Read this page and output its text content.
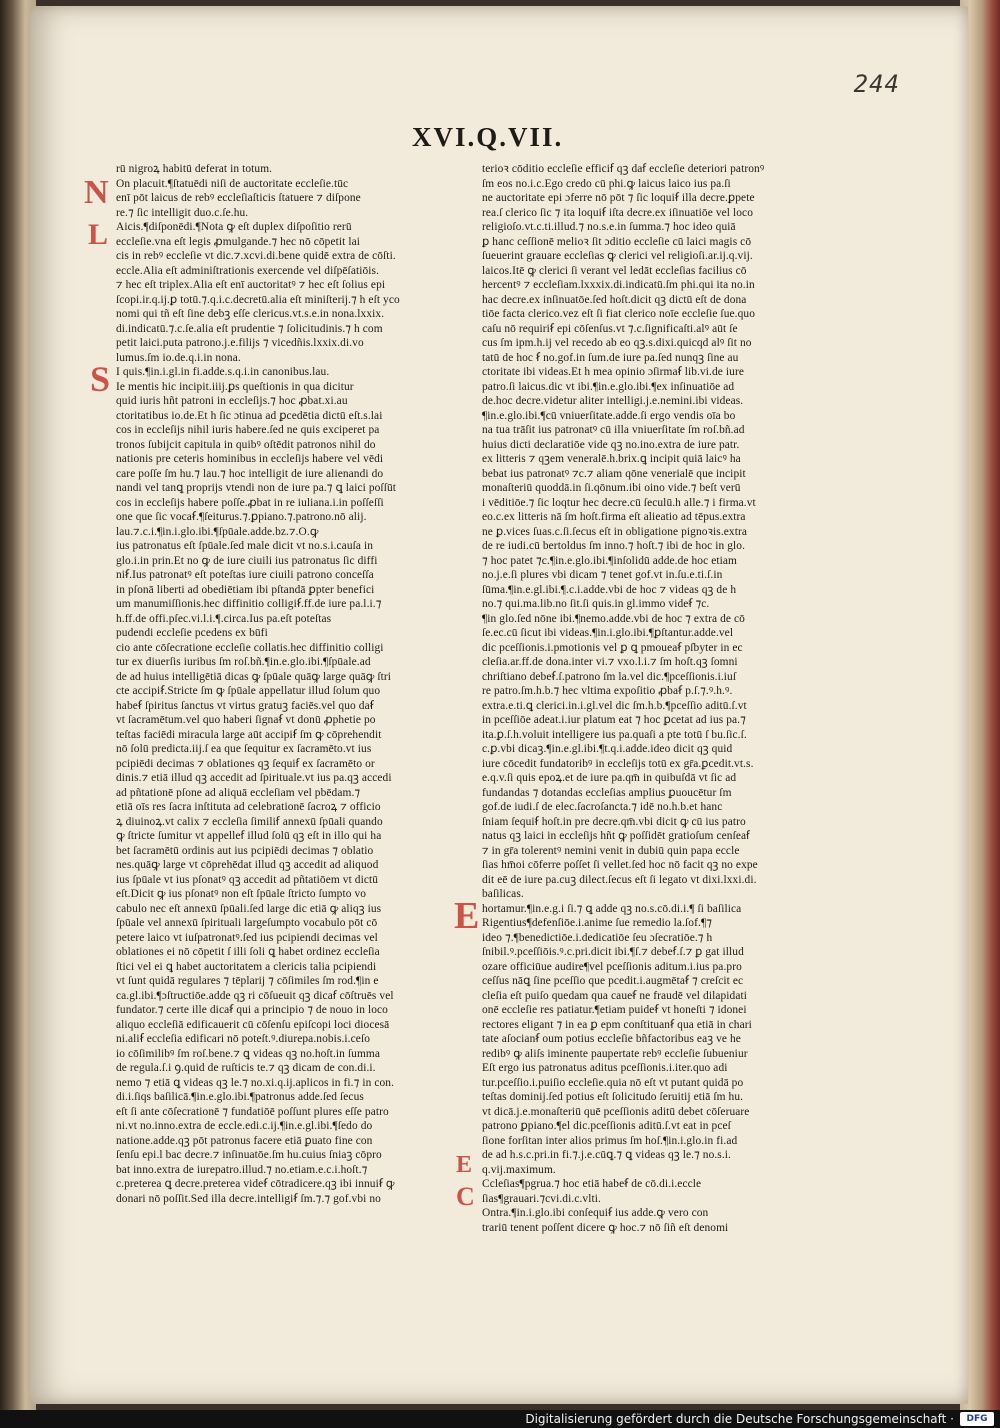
244
XVI.Q.VII.
rū nigroꝝ habitū deferat in totum.
On placuit.¶ſtatuēdi niſi de auctoritate eccleſie.tūc
enī pōt laicus de rebꝰ eccleſiaſticis ſtatuere ⁊ diſpone
re.⁊ ſic intelligit duo.c.ſe.hu.
Aicis.¶diſponēdi.¶Nota ꝙ eſt duplex diſpoſitio rerū
eccleſie.vna eſt legis ꝓmulgande.⁊ hec nō cōpetit lai
cis in rebꝰ eccleſie vt dic.⁊.xcvi.di.bene quidē extra de cōſti.
eccle.Alia eſt adminiſtrationis exercende vel diſpēſatiōis.
⁊ hec eſt triplex.Alia eſt enī auctoritatꝰ ⁊ hec eſt ſolius epi
ſcopi.ir.q.ij.ꝑ totū.⁊.q.i.c.decretū.alia eſt miniſterij.⁊ h eſt yco
nomi qui tñ eſt ſine debꝫ eſſe clericus.vt.s.e.in nona.lxxix.
di.indicatū.⁊.c.ſe.alia eſt prudentie ⁊ ſolicitudinis.⁊ h com
petit laici.puta patrono.j.e.filijs ⁊ vicedñis.lxxix.di.vo
lumus.ſm io.de.q.i.in nona.
I quis.¶in.i.gl.in fi.adde.s.q.i.in canonibus.lau.
Ie mentis hic incipit.iiij.ꝑs queſtionis in qua dicitur
quid iuris hñt patroni in eccleſijs.⁊ hoc ꝓbat.xi.au
ctoritatibus io.de.Et h ſic ɔtinua ad ꝑcedētia dictū eſt.s.lai
cos in eccleſijs nihil iuris habere.ſed ne quis exciperet pa
tronos ſubijcit capitula in quibꝰ oſtēdit patronos nihil do
nationis pre ceteris hominibus in eccleſijs habere vel vēdi
care poſſe ſm hu.⁊ lau.⁊ hoc intelligit de iure alienandi do
nandi vel tanꝗ proprijs vtendi non de iure pa.⁊ ꝗ laici poſſūt
cos in eccleſijs habere poſſe.ꝓbat in re iuliana.i.in poſſeſſi
one que ſic vocaẜ.¶ſeiturus.⁊.ꝑpiano.⁊.patrono.nō alij.
lau.⁊.c.i.¶in.i.glo.ibi.¶ſpūale.adde.bz.⁊.O.ꝙ
ius patronatus eſt ſpūale.ſed male dicit vt no.s.i.cauſa in
glo.i.in prin.Et no ꝙ de iure ciuili ius patronatus ſic diffi
niẜ.Ius patronatꝰ eſt poteſtas iure ciuili patrono conceſſa
in pſonā liberti ad obediētiam ibi pſtandā ꝑpter benefici
um manumiſſionis.hec diffinitio colligiẜ.ff.de iure pa.l.i.⁊
h.ff.de offi.pſec.vi.l.i.¶.circa.Ius pa.eſt poteſtas
pudendi eccleſie pcedens ex būfi
cio ante cōſecratione eccleſie collatis.hec diffinitio colligi
tur ex diuerſis iuribus ſm roſ.bñ.¶in.e.glo.ibi.¶ſpūale.ad
de ad huius intelligētiā dicas ꝙ ſpūale quāꝙ large quāꝙ ſtri
cte accipiẜ.Stricte ſm ꝙ ſpūale appellatur illud ſolum quo
habeẜ ſpiritus ſanctus vt virtus gratuꝫ faciēs.vel quo daẜ
vt ſacramētum.vel quo haberi ſignaẜ vt donū ꝓphetie po
teſtas faciēdi miracula large aūt accipiẜ ſm ꝙ cōprehendit
nō ſolū predicta.iij.ſ ea que ſequitur ex ſacramēto.vt ius
pcipiēdi decimas ⁊ oblationes qꝫ ſequiẜ ex ſacramēto or
dinis.⁊ etiā illud qꝫ accedit ad ſpirituale.vt ius pa.qꝫ accedi
ad pñtationē pſone ad aliquā eccleſiam vel pbēdam.⁊
etiā oīs res ſacra inſtituta ad celebrationē ſacroꝝ ⁊ officio
ꝝ diuinoꝝ.vt calix ⁊ eccleſia ſimiliẜ annexū ſpūali quando
ꝙ ſtricte ſumitur vt appelleẜ illud ſolū qꝫ eſt in illo qui ha
bet ſacramētū ordinis aut ius pcipiēdi decimas ⁊ oblatio
nes.quāꝙ large vt cōprehēdat illud qꝫ accedit ad aliquod
ius ſpūale vt ius pſonatꝰ qꝫ accedit ad pñtatiōem vt dictū
eſt.Dicit ꝙ ius pſonatꝰ non eſt ſpūale ſtricto ſumpto vo
cabulo nec eſt annexū ſpūali.ſed large dic etiā ꝙ aliqꝫ ius
ſpūale vel annexū ſpirituali largeſumpto vocabulo pōt cō
petere laico vt iuſpatronatꝰ.ſed ius pcipiendi decimas vel
oblationes ei nō cōpetit ſ illi ſoli ꝗ habet ordinez eccleſia
ſtici vel ei ꝗ habet auctoritatem a clericis talia pcipiendi
vt ſunt quidā regulares ⁊ tēplarij ⁊ cōſimiles ſm rod.¶in e
ca.gl.ibi.¶ɔſtructiōe.adde qꝫ ri cōſueuit qꝫ dicaẜ cōſtruēs vel
fundator.⁊ certe ille dicaẜ qui a principio ⁊ de nouo in loco
aliquo eccleſiā edificauerit cū cōſenſu epiſcopi loci diocesā
ni.aliẜ eccleſia edificari nō poteſt.ꝰ.diurepa.nobis.i.ceſo
io cōſimilibꝰ ſm roſ.bene.⁊ ꝗ videas qꝫ no.hoſt.in ſumma
de regula.ſ.i ꝯ.quid de ruſticis te.⁊ qꝫ dicam de con.di.i.
nemo ⁊ etiā ꝗ videas qꝫ le.⁊ no.xi.q.ij.aplicos in fi.⁊ in con.
di.i.ſiqs baſilicā.¶in.e.glo.ibi.¶patronus adde.ſed ſecus
eſt ſi ante cōſecrationē ⁊ fundatiōē poſſunt plures eſſe patro
ni.vt no.inno.extra de eccle.edi.c.ij.¶in.e.gl.ibi.¶ſedo do
natione.adde.qꝫ pōt patronus facere etiā ꝑuato fine con
ſenſu epi.l bac decre.⁊ inſinuatōe.ſm hu.cuius ſniaꝫ cōpro
bat inno.extra de iurepatro.illud.⁊ no.etiam.e.c.i.hoſt.⁊
c.preterea ꝗ decre.preterea videẜ cōtradicere.qꝫ ibi innuiẜ ꝙ
donari nō poſſit.Sed illa decre.intelligiẜ ſm.⁊.⁊ gof.vbi no
terioꝛ cōditio eccleſie efficiẜ qꝫ daẜ eccleſie deteriori patronꝰ
ſm eos no.i.c.Ego credo cū phi.ꝙ laicus laico ius pa.ſi
ne auctoritate epi ɔferre nō pōt ⁊ ſic loquiẜ illa decre.ꝑpete
rea.ſ clerico ſic ⁊ ita loquiẜ iſta decre.ex iſinuatiōe vel loco
religioſo.vt.c.ti.illud.⁊ no.s.e.in ſumma.⁊ hoc ideo quiā
ꝑ hanc ceſſionē melioꝛ ſit ɔditio eccleſie cū laici magis cō
ſueuerint grauare eccleſias ꝙ clerici vel religioſi.ar.ij.q.vij.
laicos.Itē ꝙ clerici ſi verant vel ledāt eccleſias facilius cō
hercentꝰ ⁊ eccleſiam.lxxxix.di.indicatū.ſm phi.qui ita no.in
hac decre.ex inſinuatōe.ſed hoſt.dicit qꝫ dictū eſt de dona
tiōe facta clerico.vez eſt ſi fiat clerico noīe eccleſie ſue.quo
caſu nō requiriẜ epi cōſenſus.vt ⁊.c.ſignificaſti.alꝰ aūt ſe
cus ſm ipm.h.ij vel recedo ab eo qꝫ.s.dixi.quicqd alꝰ ſit no
tatū de hoc ẜ no.gof.in ſum.de iure pa.ſed nunqꝫ ſine au
ctoritate ibi videas.Et h mea opinio ɔſirmaẜ lib.vi.de iure
patro.ſi laicus.dic vt ibi.¶in.e.glo.ibi.¶ex inſinuatiōe ad
de.hoc decre.videtur aliter intelligi.j.e.nemini.ibi videas.
¶in.e.glo.ibi.¶cū vniuerſitate.adde.ſi ergo vendis oīa bo
na tua trāſit ius patronatꝰ cū illa vniuerſitate ſm roſ.bñ.ad
huius dicti declaratiōe vide qꝫ no.ino.extra de iure patr.
ex litteris ⁊ qꝫem veneralē.h.brix.ꝗ incipit quiā laicꝰ ha
bebat ius patronatꝰ ⁊c.⁊ aliam qōne venerialē que incipit
monaſteriū quoddā.in ſi.qōnum.ibi oino vide.⁊ beſt verū
i vēditiōe.⁊ ſic loqtur hec decre.cū ſeculū.h alle.⁊ i firma.vt
eo.c.ex litteris nā ſm hoſt.firma eſt alieatio ad tēpus.extra
ne ꝑ.vices ſuas.c.ſi.ſecus eſt in obligatione pignoꝛis.extra
de re iudi.cū bertoldus ſm inno.⁊ hoſt.⁊ ibi de hoc in glo.
⁊ hoc patet ⁊c.¶in.e.glo.ibi.¶inſolidū adde.de hoc etiam
no.j.e.ſi plures vbi dicam ⁊ tenet gof.vt in.ſu.e.ti.ſ.in
ſūma.¶in.e.gl.ibi.¶.c.i.adde.vbi de hoc ⁊ videas qꝫ de h
no.⁊ qui.ma.lib.no ſit.ſi quis.in gl.immo videẜ ⁊c.
¶in glo.ſed nōne ibi.¶nemo.adde.vbi de hoc ⁊ extra de cō
ſe.ec.cū ſicut ibi videas.¶in.i.glo.ibi.¶ꝑſtantur.adde.vel
dic pceſſionis.i.pmotionis vel ꝑ ꝗ pmoueaẜ pſbyter in ec
cleſia.ar.ff.de dona.inter vi.⁊ vxo.l.i.⁊ ſm hoſt.qꝫ ſomni
chriſtiano debeẜ.ſ.patrono ſm la.vel dic.¶pceſſionis.i.iuſ
re patro.ſm.h.b.⁊ hec vltima expoſitio ꝓbaẜ p.ſ.⁊.ꝰ.h.ꝰ.
extra.e.ti.ꝗ clerici.in.i.gl.vel dic ſm.h.b.¶pceſſio aditū.ſ.vt
in pceſſiōe adeat.i.iur platum eat ⁊ hoc ꝑcetat ad ius pa.⁊
ita.ꝑ.ſ.h.voluit intelligere ius pa.quaſi a pte totū ſ bu.ſic.ſ.
c.ꝑ.vbi dicaꝫ.¶in.e.gl.ibi.¶t.q.i.adde.ideo dicit qꝫ quid
iure cōcedit fundatoribꝰ in eccleſijs totū ex gr̄a.ꝑcedit.vt.s.
e.q.v.ſi quis epoꝝ.et de iure pa.qm̄ in quibuſdā vt ſic ad
fundandas ⁊ dotandas eccleſias amplius ꝑuoucētur ſm
gof.de iudi.ſ de elec.ſacroſancta.⁊ idē no.h.b.et hanc
ſniam ſequiẜ hoſt.in pre decre.qm̄.vbi dicit ꝙ cū ius patro
natus qꝫ laici in eccleſijs hñt ꝙ poſſidēt gratioſum cenſeaẜ
⁊ in gr̄a tolerentꝰ nemini venit in dubiū quin papa eccle
ſias hm̄oi cōferre poſſet ſi vellet.ſed hoc nō facit qꝫ no expe
dit eē de iure pa.cuꝫ dilect.ſecus eſt ſi legato vt dixi.lxxi.di.
baſilicas.
hortamur.¶in.e.g.i ſi.⁊ ꝗ adde qꝫ no.s.cō.di.i.¶ ſi baſilica
Rigentius¶defenſiōe.i.anime ſue remedio la.ſof.¶⁊
ideo ⁊.¶benedictiōe.i.dedicatiōe ſeu ɔſecratiōe.⁊ h
ſnibil.ꝰ.pceſſiōis.ꝰ.c.pri.dicit ibi.¶ſ.⁊ debeẜ.ſ.⁊ ꝑ gat illud
ozare officiūue audire¶vel pceſſionis aditum.i.ius pa.pro
ceſſus nāꝗ ſine pceſſio que pcedit.i.augmētaẜ ⁊ creſcit ec
cleſia eſt puiſo quedam qua caueẜ ne fraudē vel dilapidati
onē eccleſie res patiatur.¶etiam puideẜ vt honeſti ⁊ idonei
rectores eligant ⁊ in ea ꝑ epm conſtituanẜ qua etiā in chari
tate aſocianẜ oum potius eccleſie bñfactoribus eaꝫ ve he
redibꝰ ꝙ aliſs iminente paupertate rebꝰ eccleſie ſubueniur
Eſt ergo ius patronatus aditus pceſſionis.i.iter.quo adi
tur.pceſſio.i.puiſio eccleſie.quia nō eſt vt putant quidā po
teſtas dominij.ſed potius eſt ſolicitudo ſeruitij etiā ſm hu.
vt dicā.j.e.monaſteriū quē pceſſionis aditū debet cōſeruare
patrono ꝑpiano.¶el dic.pceſſionis aditū.ſ.vt eat in pceſ
ſione forſitan inter alios primus ſm hoſ.¶in.i.glo.in fi.ad
de ad h.s.c.pri.in fi.⁊.j.e.cūꝗ.⁊ ꝗ videas qꝫ le.⁊ no.s.i.
q.vij.maximum.
Ccleſias¶pgrua.⁊ hoc etiā habeẜ de cō.di.i.eccle
ſias¶grauari.⁊cvi.di.c.vlti.
Ontra.¶in.i.glo.ibi conſequiẜ ius adde.ꝙ vero con
trariū tenent poſſent dicere ꝙ hoc.⁊ nō ſiñ eſt denomi
N
L
S
E
E
C
Digitalisierung gefördert durch die Deutsche Forschungsgemeinschaft ·	DFG
